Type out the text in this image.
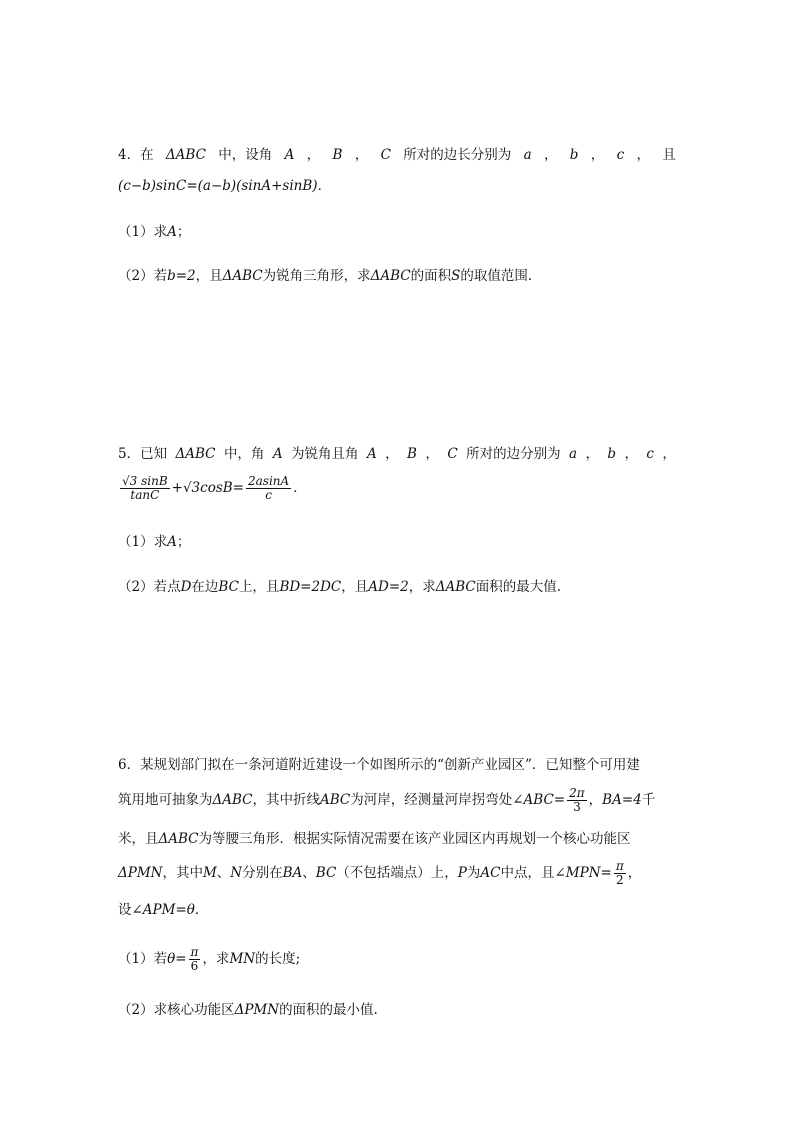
4．在 ΔABC 中，设角 A ， B ， C 所对的边长分别为 a ， b ， c ， 且
(c−b)sinC=(a−b)(sinA+sinB)．
（1）求A；
（2）若b=2，且ΔABC为锐角三角形，求ΔABC的面积S的取值范围.
5．已知 ΔABC 中，角 A 为锐角且角 A ， B ， C 所对的边分别为 a ， b ， c ，
$\frac{√3 \sin B}{\tan C} +√3\cos B= \frac{2asinA}{c}$ ．
（1）求A；
（2）若点D在边BC上，且BD=2DC，且AD=2，求ΔABC面积的最大值.
6．某规划部门拟在一条河道附近建设一个如图所示的“创新产业园区”．已知整个可用建
筑用地可抽象为ΔABC，其中折线ABC为河岸，经测量河岸拐弯处∠ABC= $\frac{2\pi}{3}$ ，BA=4千
米，且ΔABC为等腰三角形．根据实际情况需要在该产业园区内再规划一个核心功能区
ΔPMN，其中M、N分别在BA、BC（不包括端点）上，P为AC中点，且∠MPN= $\frac{\pi}{2}$ ，
设∠APM=θ．
（1）若$\theta= \frac{\pi}{6}$ ，求MN的长度;
（2）求核心功能区ΔPMN的面积的最小值.
